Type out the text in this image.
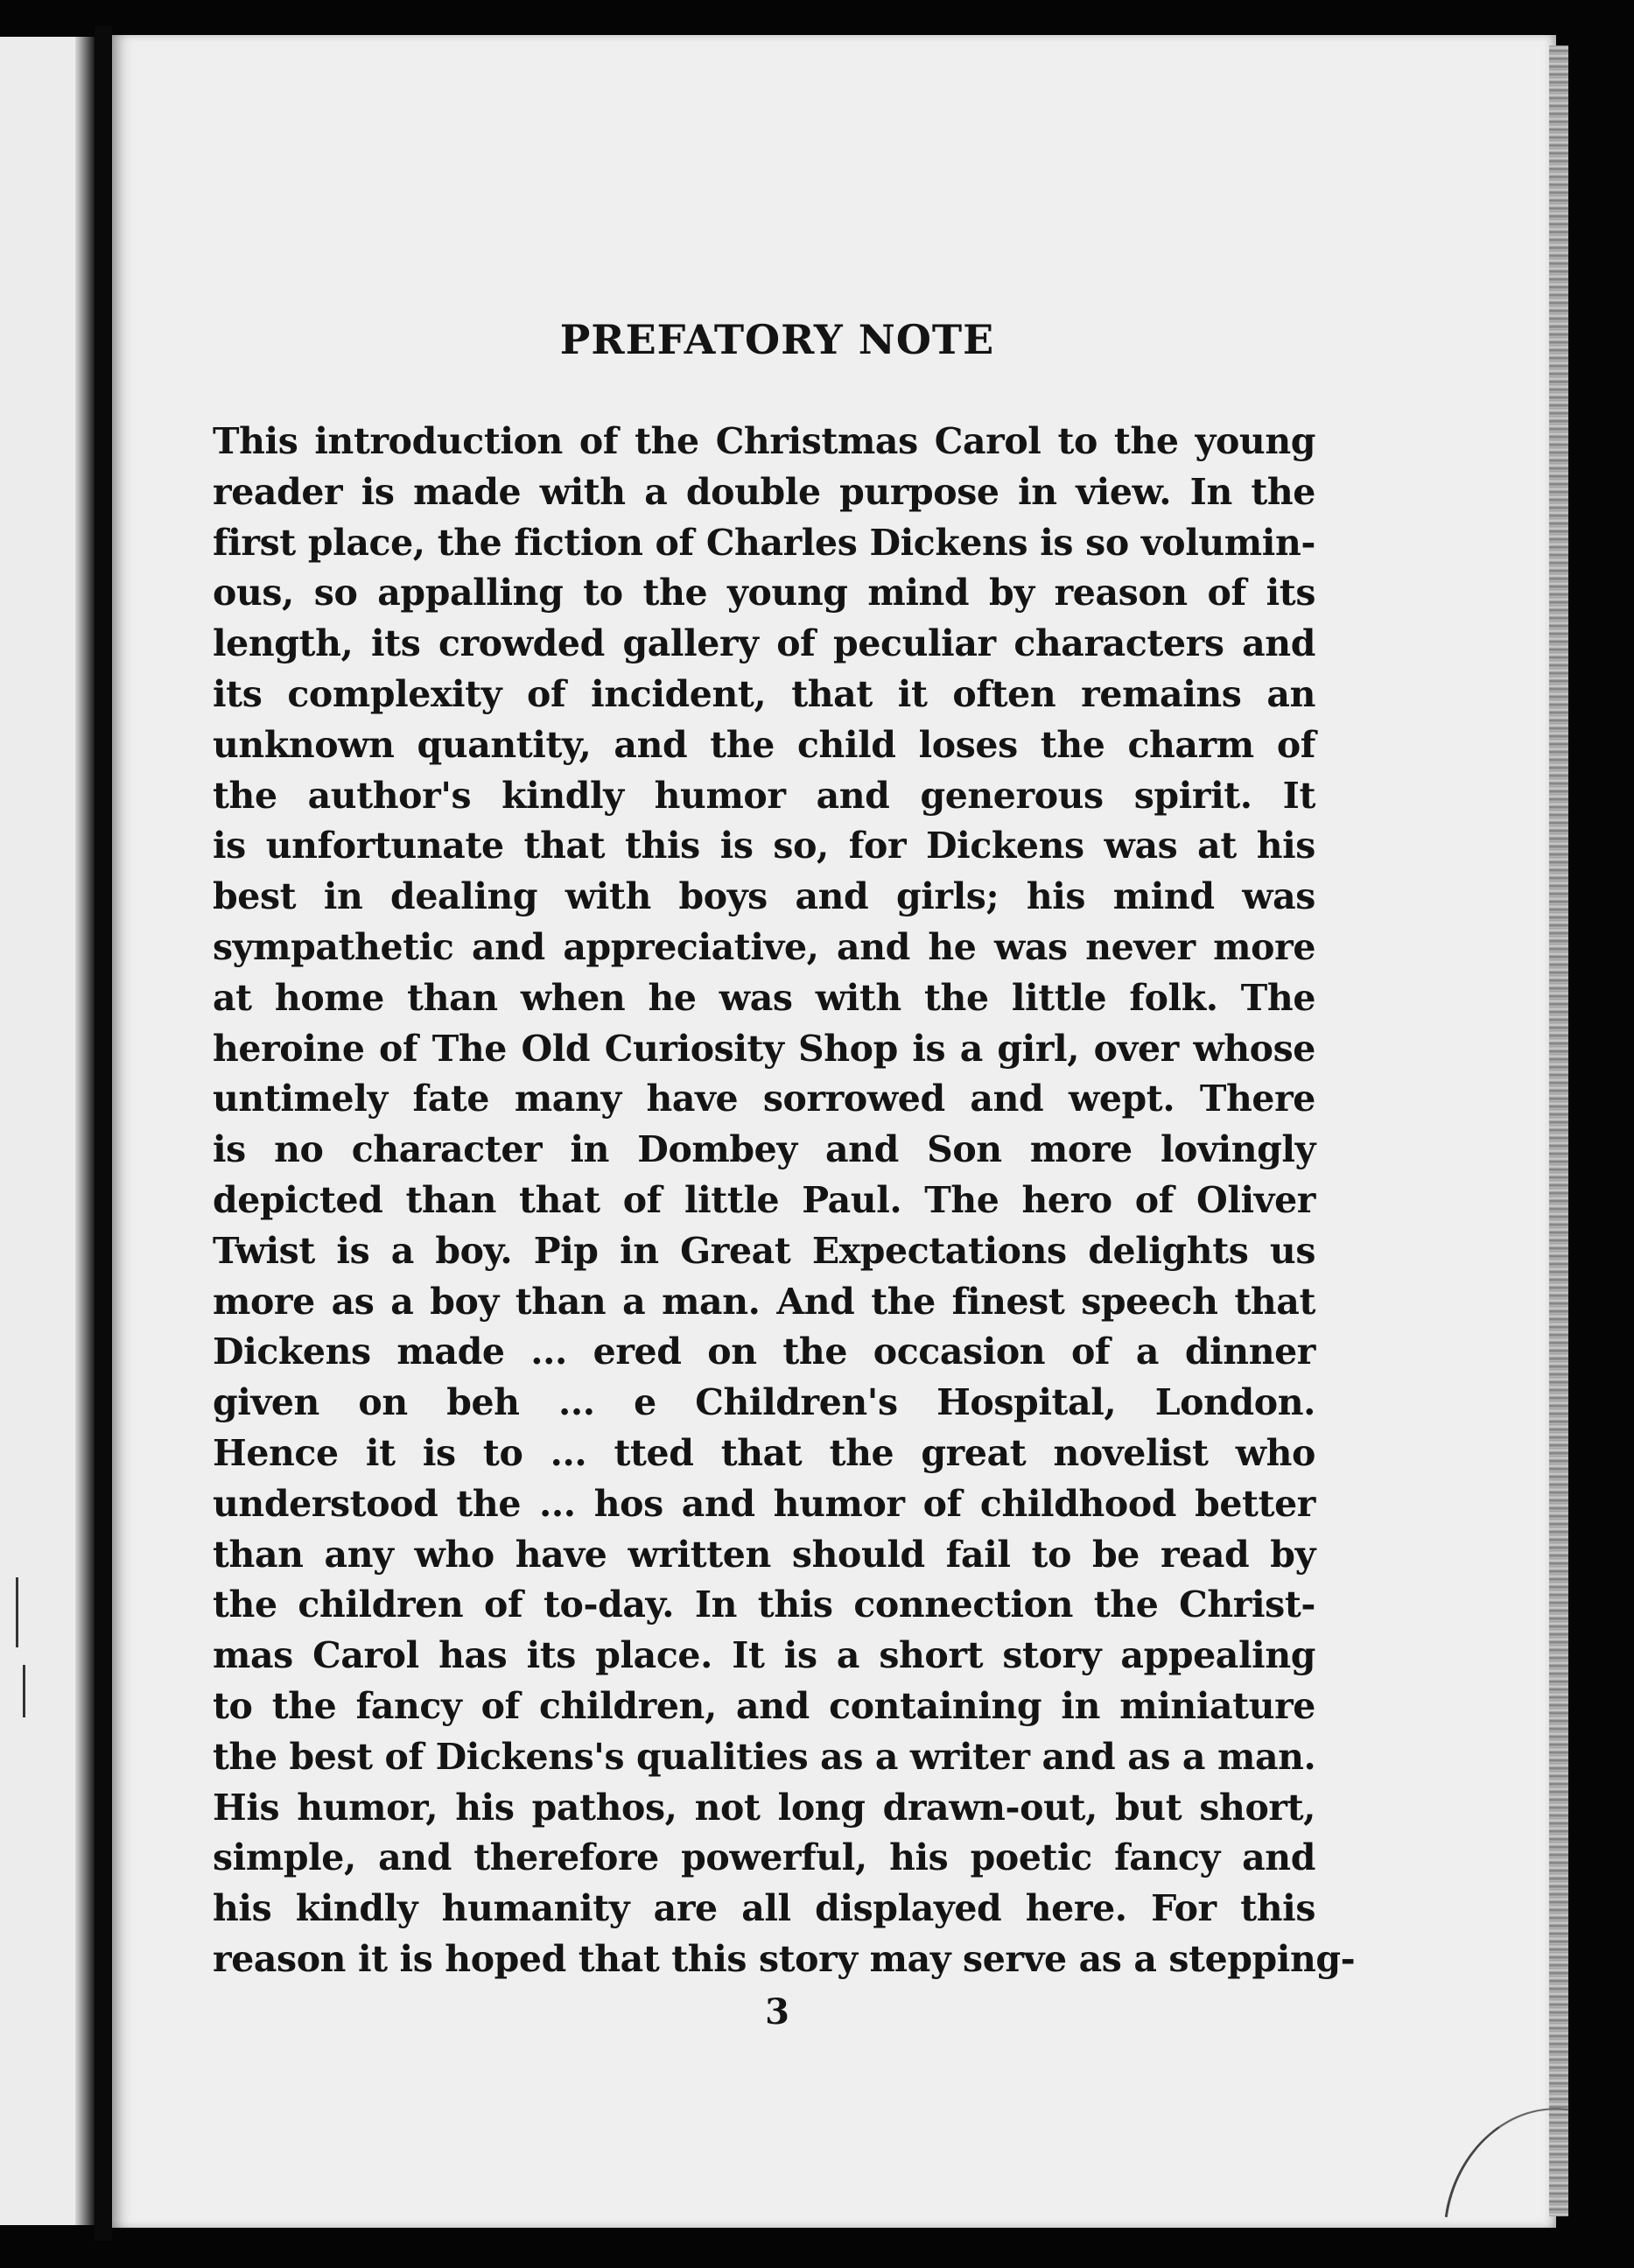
PREFATORY NOTE
This introduction of the Christmas Carol to the young
reader is made with a double purpose in view. In the
first place, the fiction of Charles Dickens is so volumin-
ous, so appalling to the young mind by reason of its
length, its crowded gallery of peculiar characters and
its complexity of incident, that it often remains an
unknown quantity, and the child loses the charm of
the author's kindly humor and generous spirit. It
is unfortunate that this is so, for Dickens was at his
best in dealing with boys and girls; his mind was
sympathetic and appreciative, and he was never more
at home than when he was with the little folk. The
heroine of The Old Curiosity Shop is a girl, over whose
untimely fate many have sorrowed and wept. There
is no character in Dombey and Son more lovingly
depicted than that of little Paul. The hero of Oliver
Twist is a boy. Pip in Great Expectations delights us
more as a boy than a man. And the finest speech that
Dickens made ... ered on the occasion of a dinner
given on beh ... e Children's Hospital, London.
Hence it is to ... tted that the great novelist who
understood the ... hos and humor of childhood better
than any who have written should fail to be read by
the children of to-day. In this connection the Christ-
mas Carol has its place. It is a short story appealing
to the fancy of children, and containing in miniature
the best of Dickens's qualities as a writer and as a man.
His humor, his pathos, not long drawn-out, but short,
simple, and therefore powerful, his poetic fancy and
his kindly humanity are all displayed here. For this
reason it is hoped that this story may serve as a stepping-
3
